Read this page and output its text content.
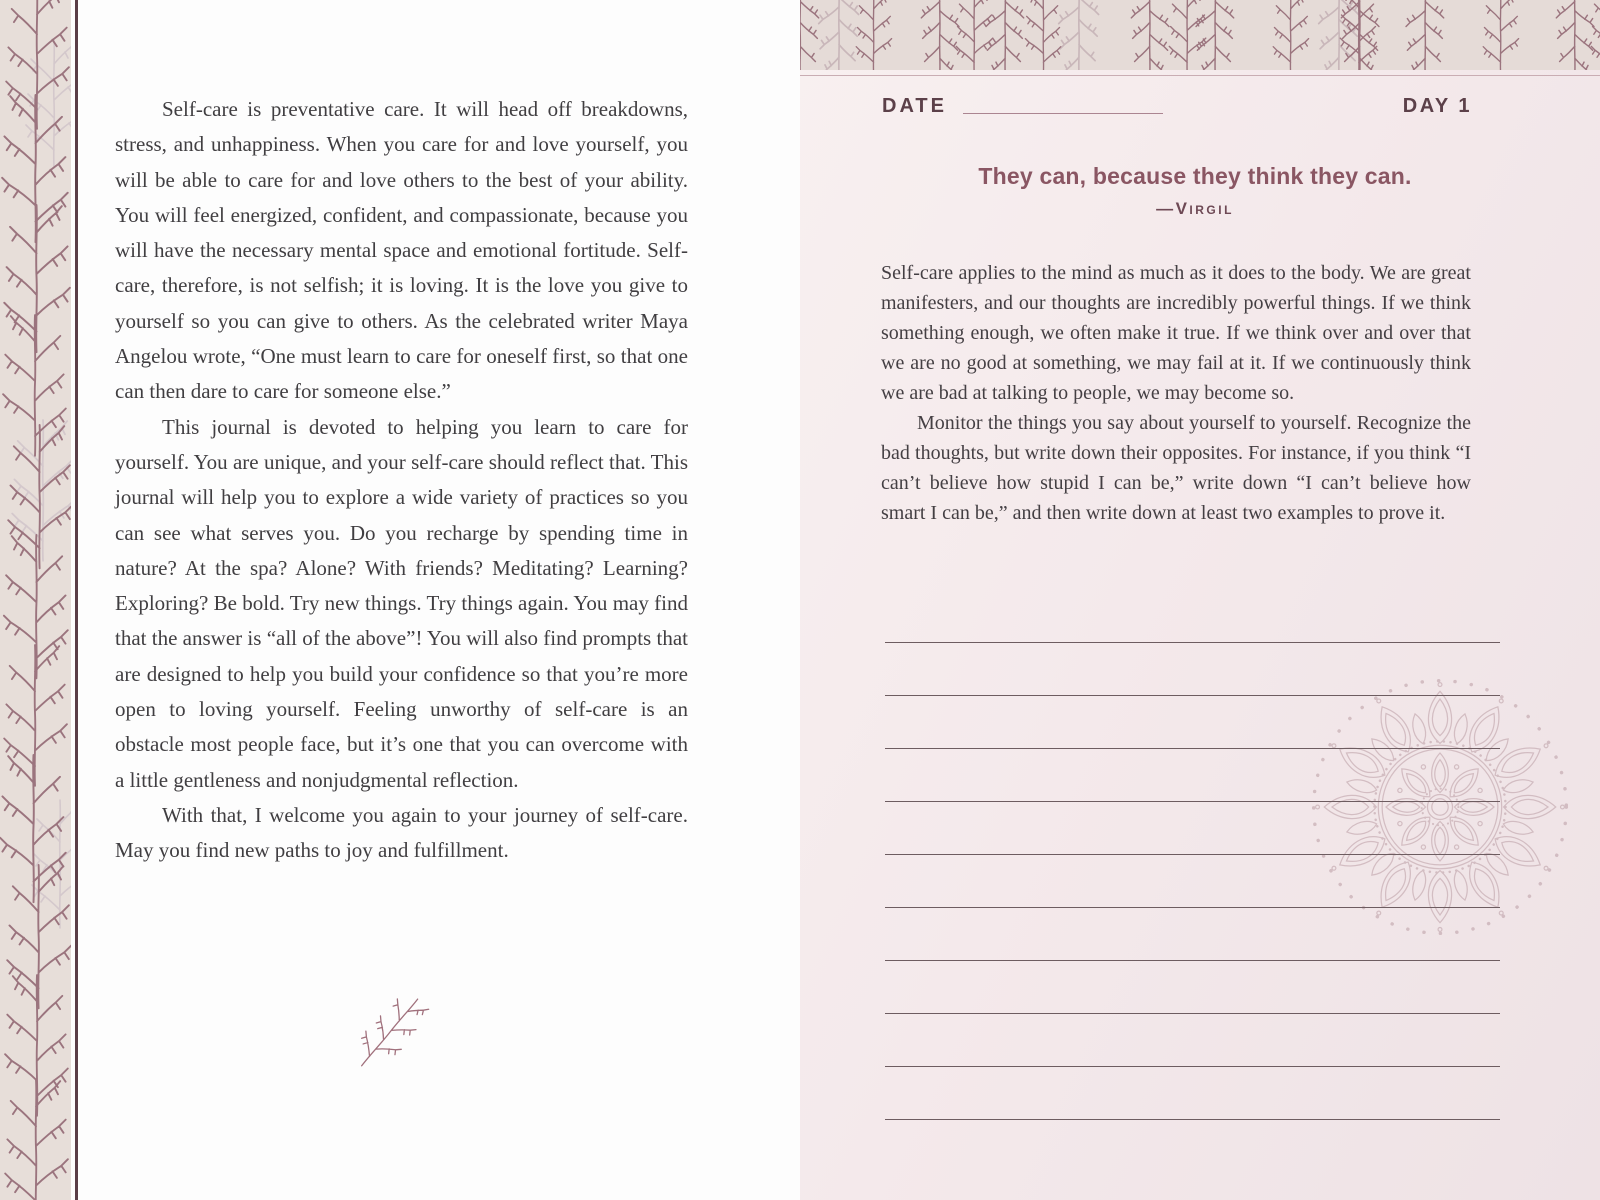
Self-care is preventative care. It will head off breakdowns, stress, and unhappiness. When you care for and love yourself, you will be able to care for and love others to the best of your ability. You will feel energized, confident, and compassionate, because you will have the necessary mental space and emotional fortitude. Self-care, therefore, is not selfish; it is loving. It is the love you give to yourself so you can give to others. As the celebrated writer Maya Angelou wrote, “One must learn to care for oneself first, so that one can then dare to care for someone else.”

This journal is devoted to helping you learn to care for yourself. You are unique, and your self-care should reflect that. This journal will help you to explore a wide variety of practices so you can see what serves you. Do you recharge by spending time in nature? At the spa? Alone? With friends? Meditating? Learning? Exploring? Be bold. Try new things. Try things again. You may find that the answer is “all of the above”! You will also find prompts that are designed to help you build your confidence so that you’re more open to loving yourself. Feeling unworthy of self-care is an obstacle most people face, but it’s one that you can overcome with a little gentleness and nonjudgmental reflection.

With that, I welcome you again to your journey of self-care. May you find new paths to joy and fulfillment.

DATE	DAY 1
They can, because they think they can.
—Virgil

Self-care applies to the mind as much as it does to the body. We are great manifesters, and our thoughts are incredibly powerful things. If we think something enough, we often make it true. If we think over and over that we are no good at something, we may fail at it. If we continuously think we are bad at talking to people, we may become so.

Monitor the things you say about yourself to yourself. Recognize the bad thoughts, but write down their opposites. For instance, if you think “I can’t believe how stupid I can be,” write down “I can’t believe how smart I can be,” and then write down at least two examples to prove it.
